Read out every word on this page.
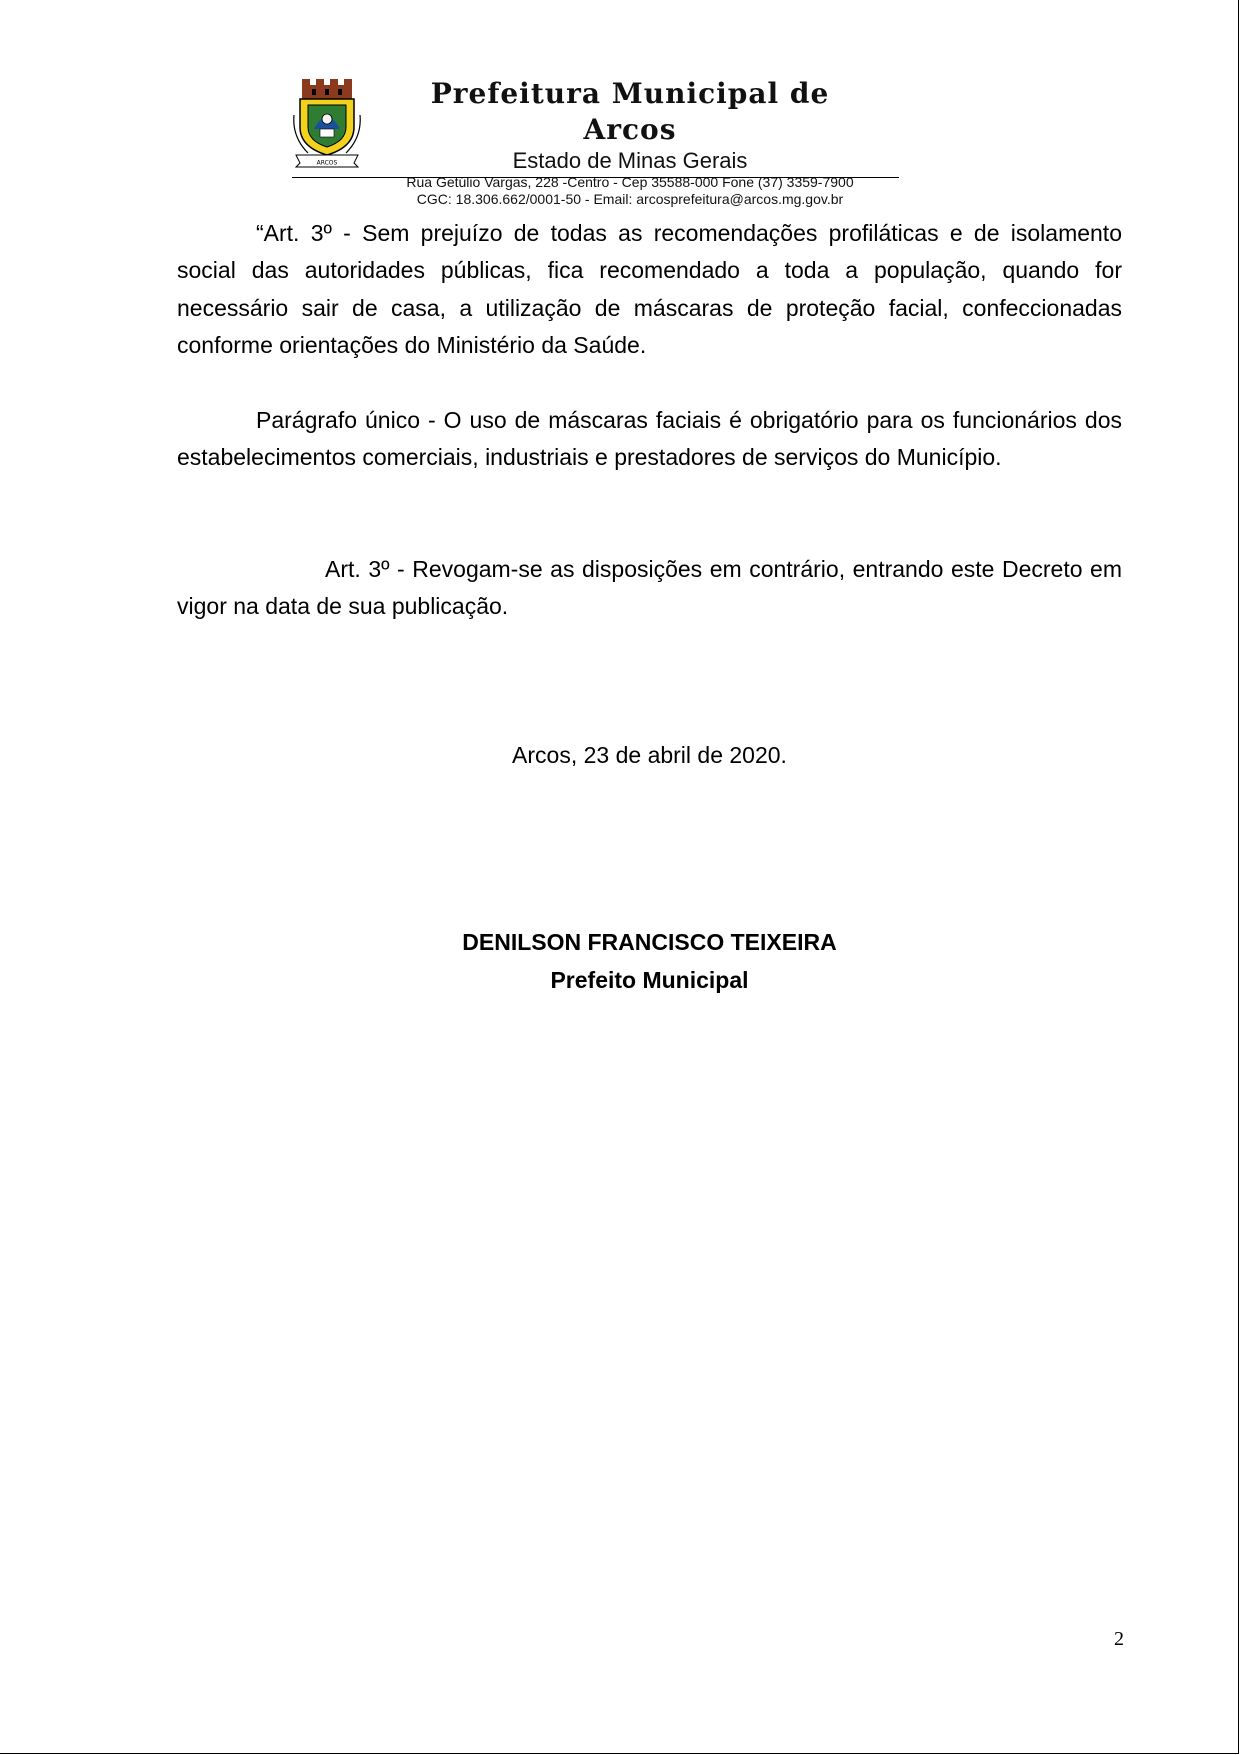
ARCOS
Prefeitura Municipal de Arcos
Estado de Minas Gerais
Rua Getúlio Vargas, 228 -Centro - Cep 35588-000 Fone (37) 3359-7900
CGC: 18.306.662/0001-50 - Email: arcosprefeitura@arcos.mg.gov.br

“Art. 3º - Sem prejuízo de todas as recomendações profiláticas e de isolamento social das autoridades públicas, fica recomendado a toda a população, quando for necessário sair de casa, a utilização de máscaras de proteção facial, confeccionadas conforme orientações do Ministério da Saúde.

Parágrafo único - O uso de máscaras faciais é obrigatório para os funcionários dos estabelecimentos comerciais, industriais e prestadores de serviços do Município.

Art. 3º - Revogam-se as disposições em contrário, entrando este Decreto em vigor na data de sua publicação.

Arcos, 23 de abril de 2020.

DENILSON FRANCISCO TEIXEIRA

Prefeito Municipal

2
